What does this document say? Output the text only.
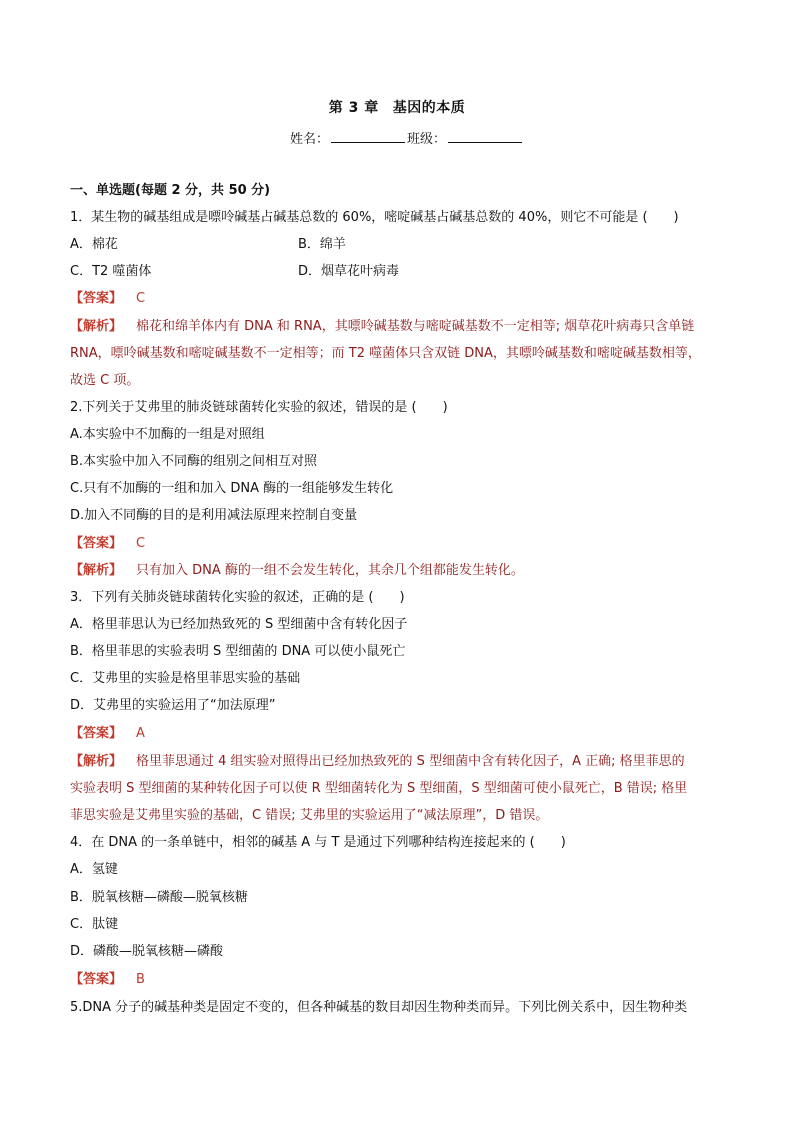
第 3 章 基因的本质
姓名：	班级：
一、单选题(每题 2 分，共 50 分)
1．某生物的碱基组成是嘌呤碱基占碱基总数的 60%，嘧啶碱基占碱基总数的 40%，则它不可能是 (　　)
A．棉花	B．绵羊
C．T2 噬菌体	D．烟草花叶病毒
【答案】 C
【解析】 棉花和绵羊体内有 DNA 和 RNA，其嘌呤碱基数与嘧啶碱基数不一定相等; 烟草花叶病毒只含单链
RNA，嘌呤碱基数和嘧啶碱基数不一定相等；而 T2 噬菌体只含双链 DNA，其嘌呤碱基数和嘧啶碱基数相等，
故选 C 项。
2.下列关于艾弗里的肺炎链球菌转化实验的叙述，错误的是 (　　)
A.本实验中不加酶的一组是对照组
B.本实验中加入不同酶的组别之间相互对照
C.只有不加酶的一组和加入 DNA 酶的一组能够发生转化
D.加入不同酶的目的是利用减法原理来控制自变量
【答案】 C
【解析】 只有加入 DNA 酶的一组不会发生转化，其余几个组都能发生转化。
3．下列有关肺炎链球菌转化实验的叙述，正确的是 (　　)
A．格里菲思认为已经加热致死的 S 型细菌中含有转化因子
B．格里菲思的实验表明 S 型细菌的 DNA 可以使小鼠死亡
C．艾弗里的实验是格里菲思实验的基础
D．艾弗里的实验运用了“加法原理”
【答案】 A
【解析】 格里菲思通过 4 组实验对照得出已经加热致死的 S 型细菌中含有转化因子，A 正确; 格里菲思的
实验表明 S 型细菌的某种转化因子可以使 R 型细菌转化为 S 型细菌，S 型细菌可使小鼠死亡，B 错误; 格里
菲思实验是艾弗里实验的基础，C 错误; 艾弗里的实验运用了“减法原理”，D 错误。
4．在 DNA 的一条单链中，相邻的碱基 A 与 T 是通过下列哪种结构连接起来的 (　　)
A．氢键
B．脱氧核糖—磷酸—脱氧核糖
C．肽键
D．磷酸—脱氧核糖—磷酸
【答案】 B
5.DNA 分子的碱基种类是固定不变的，但各种碱基的数目却因生物种类而异。下列比例关系中，因生物种类
